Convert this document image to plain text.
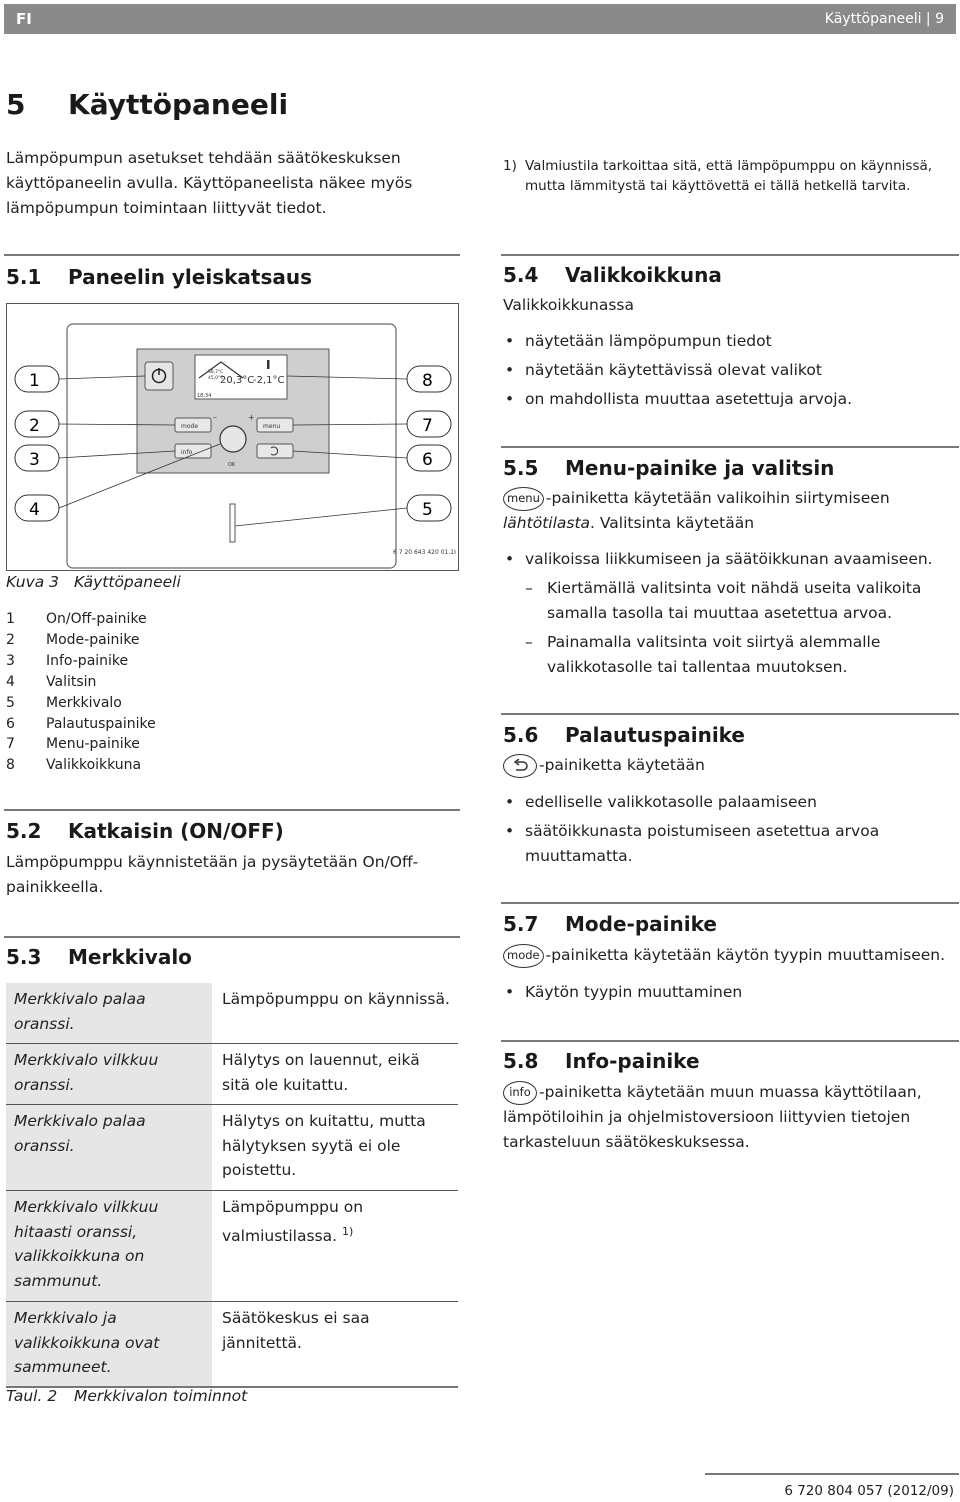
FI	Käyttöpaneeli | 9
5 Käyttöpaneeli
Lämpöpumpun asetukset tehdään säätökeskuksen käyttöpaneelin avulla. Käyttöpaneelista näkee myös lämpöpumpun toimintaan liittyvät tiedot.
1) Valmiustila tarkoittaa sitä, että lämpöpumppu on käynnissä, mutta lämmitystä tai käyttövettä ei tällä hetkellä tarvita.
5.1 Paneelin yleiskatsaus
38,7°C
45,0°C
20,3°C
-2,1°C
18:34
mode
info
–	+
OK
menu
1
2
3
4
8
7
6
5
6 7 20 643 420 01.1I
Kuva 3 Käyttöpaneeli
1 On/Off-painike
2 Mode-painike
3 Info-painike
4 Valitsin
5 Merkkivalo
6 Palautuspainike
7 Menu-painike
8 Valikkoikkuna
5.2 Katkaisin (ON/OFF)
Lämpöpumppu käynnistetään ja pysäytetään On/Off-painikkeella.
5.3 Merkkivalo
Merkkivalo palaa oranssi.
Lämpöpumppu on käynnissä.
Merkkivalo vilkkuu oranssi.
Hälytys on lauennut, eikä sitä ole kuitattu.
Merkkivalo palaa oranssi.
Hälytys on kuitattu, mutta hälytyksen syytä ei ole poistettu.
Merkkivalo vilkkuu hitaasti oranssi, valikkoikkuna on sammunut.
Lämpöpumppu on valmiustilassa. $^{1)}$
Merkkivalo ja valikkoikkuna ovat sammuneet.
Säätökeskus ei saa jännitettä.
Taul. 2 Merkkivalon toiminnot
5.4 Valikkoikkuna
Valikkoikkunassa
• näytetään lämpöpumpun tiedot
• näytetään käytettävissä olevat valikot
• on mahdollista muuttaa asetettuja arvoja.
5.5 Menu-painike ja valitsin
menu -painiketta käytetään valikoihin siirtymiseen
lähtötilasta. Valitsinta käytetään
• valikoissa liikkumiseen ja säätöikkunan avaamiseen.
– Kiertämällä valitsinta voit nähdä useita valikoita samalla tasolla tai muuttaa asetettua arvoa.
– Painamalla valitsinta voit siirtyä alemmalle valikkotasolle tai tallentaa muutoksen.
5.6 Palautuspainike
-painiketta käytetään
• edelliselle valikkotasolle palaamiseen
• säätöikkunasta poistumiseen asetettua arvoa muuttamatta.
5.7 Mode-painike
mode -painiketta käytetään käytön tyypin muuttamiseen.
• Käytön tyypin muuttaminen
5.8 Info-painike
info -painiketta käytetään muun muassa käyttötilaan, lämpötiloihin ja ohjelmistoversioon liittyvien tietojen tarkasteluun säätökeskuksessa.
6 720 804 057 (2012/09)
